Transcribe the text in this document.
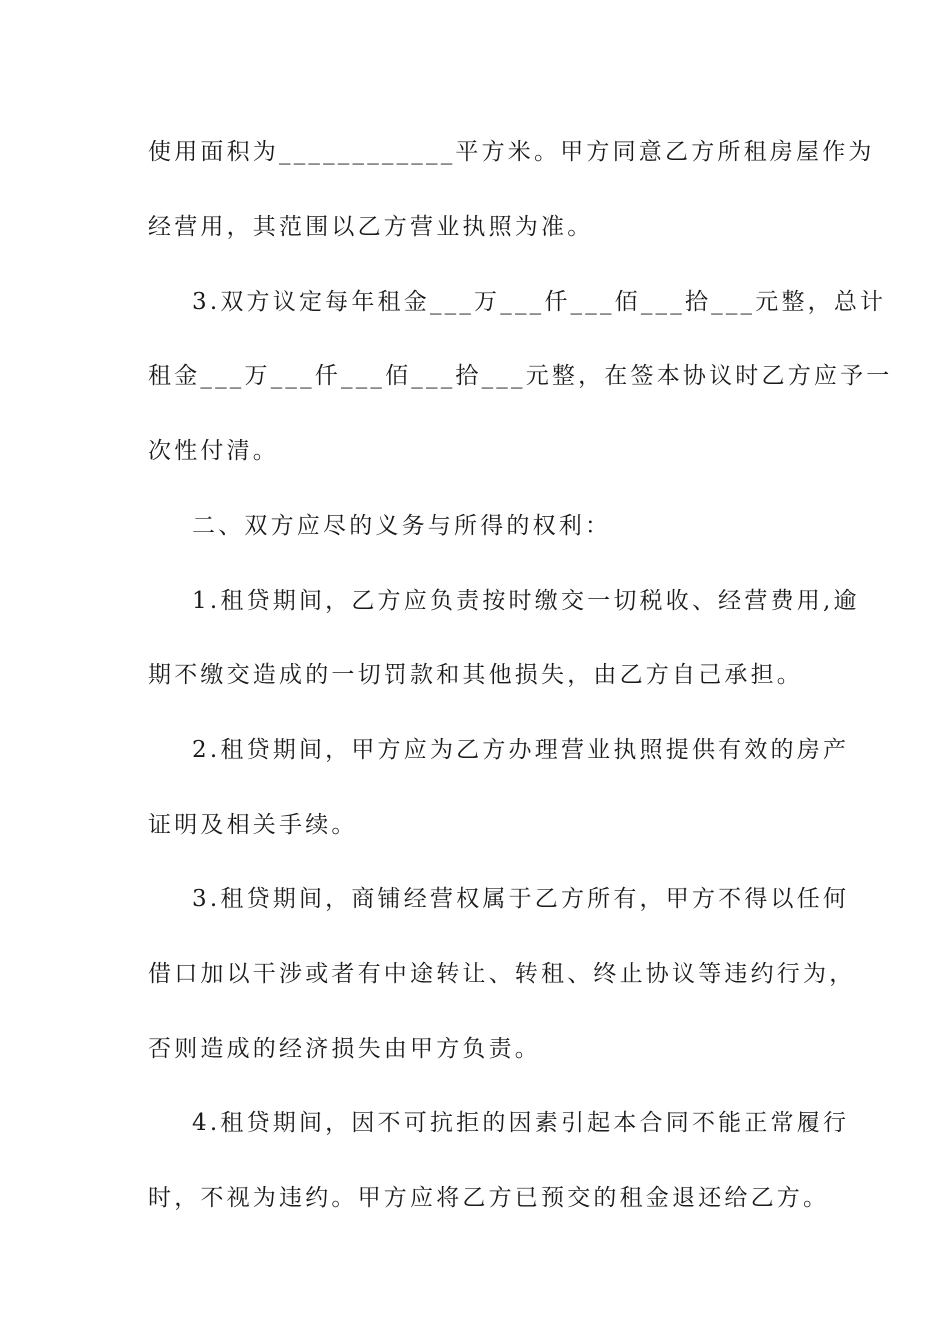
使用面积为____________平方米。甲方同意乙方所租房屋作为
经营用，其范围以乙方营业执照为准。
3.双方议定每年租金___万___仟___佰___拾___元整，总计
租金___万___仟___佰___拾___元整，在签本协议时乙方应予一
次性付清。
二、双方应尽的义务与所得的权利：
1.租贷期间，乙方应负责按时缴交一切税收、经营费用,逾
期不缴交造成的一切罚款和其他损失，由乙方自己承担。
2.租贷期间，甲方应为乙方办理营业执照提供有效的房产
证明及相关手续。
3.租贷期间，商铺经营权属于乙方所有，甲方不得以任何
借口加以干涉或者有中途转让、转租、终止协议等违约行为，
否则造成的经济损失由甲方负责。
4.租贷期间，因不可抗拒的因素引起本合同不能正常履行
时，不视为违约。甲方应将乙方已预交的租金退还给乙方。
